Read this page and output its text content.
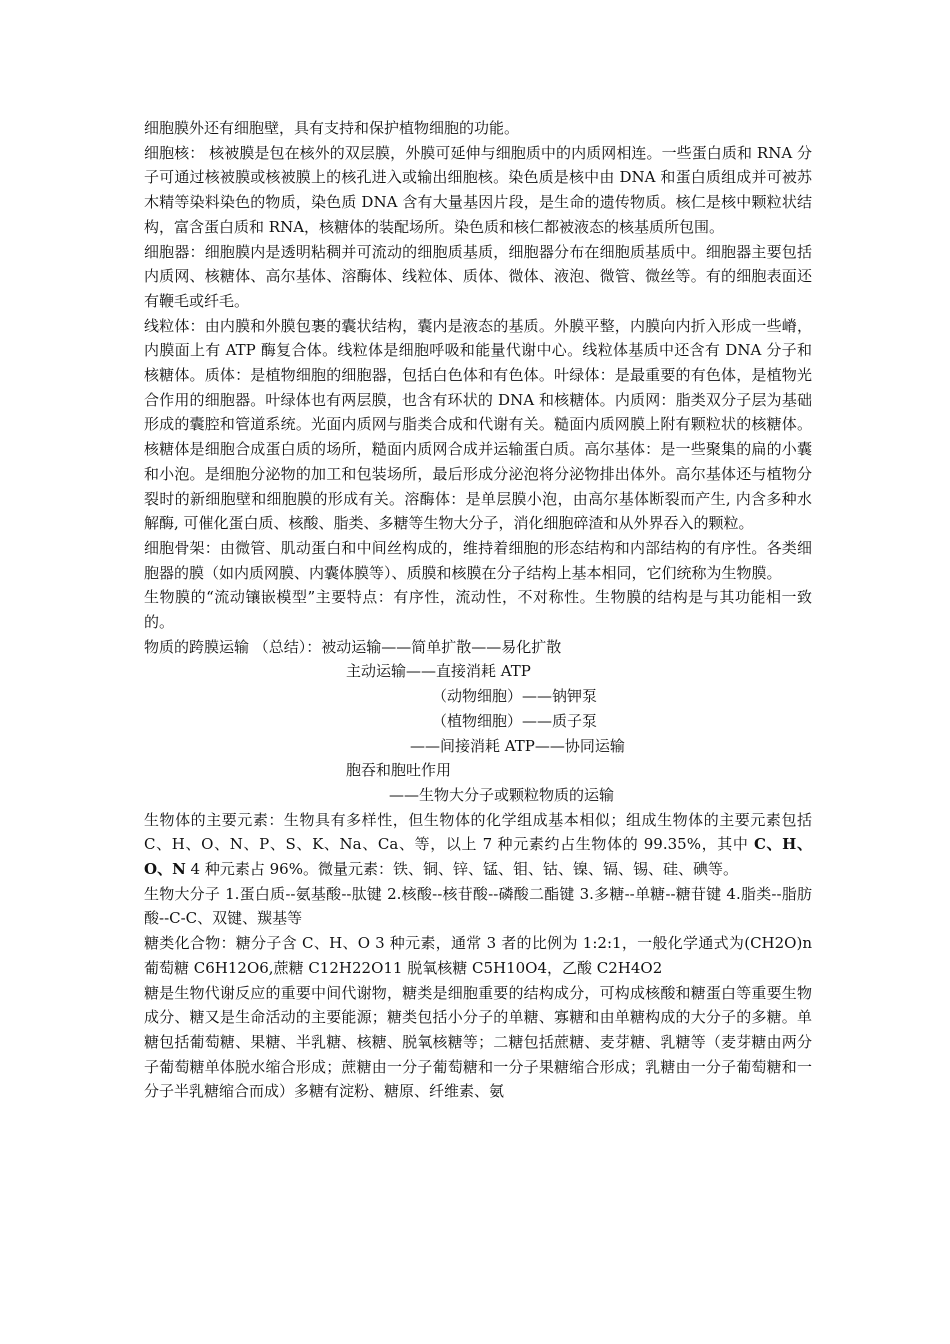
细胞膜外还有细胞壁，具有支持和保护植物细胞的功能。

细胞核： 核被膜是包在核外的双层膜，外膜可延伸与细胞质中的内质网相连。一些蛋白质和 RNA 分子可通过核被膜或核被膜上的核孔进入或输出细胞核。染色质是核中由 DNA 和蛋白质组成并可被苏木精等染料染色的物质，染色质 DNA 含有大量基因片段，是生命的遗传物质。核仁是核中颗粒状结构，富含蛋白质和 RNA，核糖体的装配场所。染色质和核仁都被液态的核基质所包围。

细胞器：细胞膜内是透明粘稠并可流动的细胞质基质，细胞器分布在细胞质基质中。细胞器主要包括 内质网、核糖体、高尔基体、溶酶体、线粒体、质体、微体、液泡、微管、微丝等。有的细胞表面还有鞭毛或纤毛。

线粒体：由内膜和外膜包裹的囊状结构，囊内是液态的基质。外膜平整，内膜向内折入形成一些嵴，内膜面上有 ATP 酶复合体。线粒体是细胞呼吸和能量代谢中心。线粒体基质中还含有 DNA 分子和核糖体。质体：是植物细胞的细胞器，包括白色体和有色体。叶绿体：是最重要的有色体，是植物光合作用的细胞器。叶绿体也有两层膜，也含有环状的 DNA 和核糖体。内质网：脂类双分子层为基础形成的囊腔和管道系统。光面内质网与脂类合成和代谢有关。糙面内质网膜上附有颗粒状的核糖体。核糖体是细胞合成蛋白质的场所，糙面内质网合成并运输蛋白质。高尔基体：是一些聚集的扁的小囊和小泡。是细胞分泌物的加工和包装场所，最后形成分泌泡将分泌物排出体外。高尔基体还与植物分裂时的新细胞壁和细胞膜的形成有关。溶酶体：是单层膜小泡，由高尔基体断裂而产生, 内含多种水解酶, 可催化蛋白质、核酸、脂类、多糖等生物大分子，消化细胞碎渣和从外界吞入的颗粒。

细胞骨架：由微管、肌动蛋白和中间丝构成的，维持着细胞的形态结构和内部结构的有序性。各类细胞器的膜（如内质网膜、内囊体膜等）、质膜和核膜在分子结构上基本相同，它们统称为生物膜。

生物膜的“流动镶嵌模型”主要特点：有序性，流动性，不对称性。生物膜的结构是与其功能相一致的。

物质的跨膜运输 （总结）：被动运输——简单扩散——易化扩散
主动运输——直接消耗 ATP
（动物细胞）——钠钾泵
（植物细胞）——质子泵
——间接消耗 ATP——协同运输
胞吞和胞吐作用
——生物大分子或颗粒物质的运输

生物体的主要元素：生物具有多样性，但生物体的化学组成基本相似；组成生物体的主要元素包括 C、H、O、N、P、S、K、Na、Ca、等，以上 7 种元素约占生物体的 99.35%，其中 C、H、O、N 4 种元素占 96%。微量元素：铁、铜、锌、锰、钼、钴、镍、镉、锡、硅、碘等。

生物大分子 1.蛋白质--氨基酸--肽键 2.核酸--核苷酸--磷酸二酯键 3.多糖--单糖--糖苷键 4.脂类--脂肪酸--C-C、双键、羰基等

糖类化合物：糖分子含 C、H、O 3 种元素，通常 3 者的比例为 1:2:1，一般化学通式为(CH2O)n 葡萄糖 C6H12O6,蔗糖 C12H22O11 脱氧核糖 C5H10O4，乙酸 C2H4O2

糖是生物代谢反应的重要中间代谢物，糖类是细胞重要的结构成分，可构成核酸和糖蛋白等重要生物成分、糖又是生命活动的主要能源；糖类包括小分子的单糖、寡糖和由单糖构成的大分子的多糖。单糖包括葡萄糖、果糖、半乳糖、核糖、脱氧核糖等；二糖包括蔗糖、麦芽糖、乳糖等（麦芽糖由两分子葡萄糖单体脱水缩合形成；蔗糖由一分子葡萄糖和一分子果糖缩合形成；乳糖由一分子葡萄糖和一分子半乳糖缩合而成）多糖有淀粉、糖原、纤维素、氨
